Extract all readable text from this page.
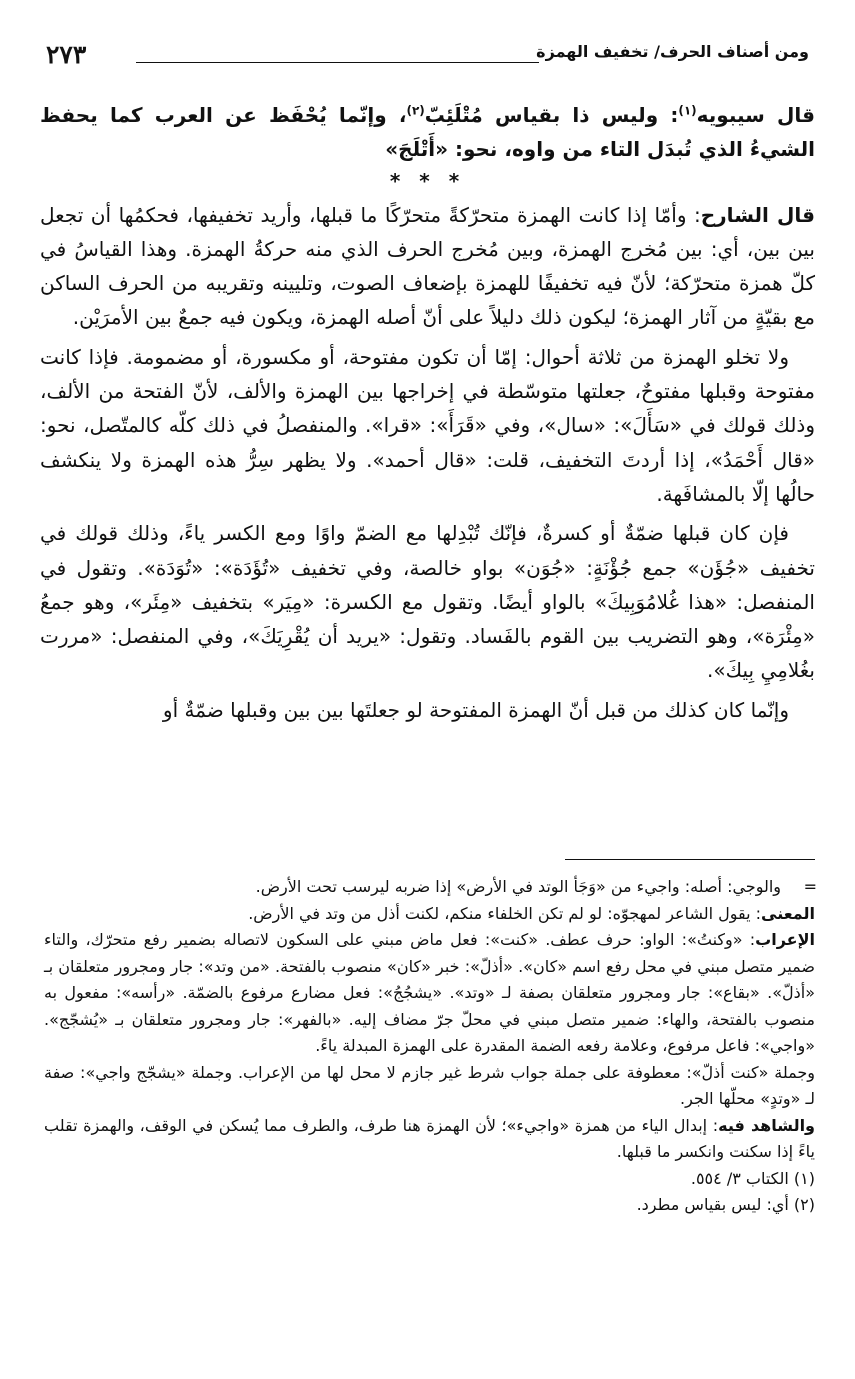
٢٧٣	ومن أصناف الحرف/ تخفيف الهمزة

قال سيبويه$^{(١)}$: وليس ذا بقياس مُتْلَئِبّ$^{(٢)}$، وإنّما يُحْفَظ عن العرب كما يحفظ الشيءُ الذي تُبدَل التاء من واوه، نحو: «أَتْلَجَ»

* * *

قال الشارح: وأمّا إذا كانت الهمزة متحرّكةً متحرّكًا ما قبلها، وأريد تخفيفها، فحكمُها أن تجعل بين بين، أي: بين مُخرج الهمزة، وبين مُخرج الحرف الذي منه حركةُ الهمزة. وهذا القياسُ في كلّ همزة متحرّكة؛ لأنّ فيه تخفيفًا للهمزة بإضعاف الصوت، وتليينه وتقريبه من الحرف الساكن مع بقيّةٍ من آثار الهمزة؛ ليكون ذلك دليلاً على أنّ أصله الهمزة، ويكون فيه جمعٌ بين الأمرَيْن.

ولا تخلو الهمزة من ثلاثة أحوال: إمّا أن تكون مفتوحة، أو مكسورة، أو مضمومة. فإذا كانت مفتوحة وقبلها مفتوحٌ، جعلتها متوسّطة في إخراجها بين الهمزة والألف، لأنّ الفتحة من الألف، وذلك قولك في «سَأَلَ»: «سال»، وفي «قَرَأَ»: «قرا». والمنفصلُ في ذلك كلّه كالمتّصل، نحو: «قال أَحْمَدُ»، إذا أردتَ التخفيف، قلت: «قال أحمد». ولا يظهر سِرُّ هذه الهمزة ولا ينكشف حالُها إلّا بالمشافَهة.

فإن كان قبلها ضمّةٌ أو كسرةٌ، فإنّك تُبْدِلها مع الضمّ واوًا ومع الكسر ياءً، وذلك قولك في تخفيف «جُؤَن» جمع جُؤْنَةٍ: «جُوَن» بواو خالصة، وفي تخفيف «تُؤَدَة»: «تُوَدَة». وتقول في المنفصل: «هذا غُلامُوَبِيكَ» بالواو أيضًا. وتقول مع الكسرة: «مِيَر» بتخفيف «مِئَر»، وهو جمعُ «مِئْرَة»، وهو التضريب بين القوم بالفَساد. وتقول: «يريد أن يُقْرِيَكَ»، وفي المنفصل: «مررت بغُلامِيِ بِيكَ».

وإنّما كان كذلك من قبل أنّ الهمزة المفتوحة لو جعلتَها بين بين وقبلها ضمّةٌ أو

=

والوجي: أصله: واجيء من «وَجَأ الوتد في الأرض» إذا ضربه ليرسب تحت الأرض.

المعنى: يقول الشاعر لمهجوّه: لو لم تكن الخلفاء منكم، لكنت أذل من وتد في الأرض.

الإعراب: «وكنتُ»: الواو: حرف عطف. «كنت»: فعل ماض مبني على السكون لاتصاله بضمير رفع متحرّك، والتاء ضمير متصل مبني في محل رفع اسم «كان». «أذلّ»: خبر «كان» منصوب بالفتحة. «من وتد»: جار ومجرور متعلقان بـ «أذلّ». «بقاع»: جار ومجرور متعلقان بصفة لـ «وتد». «يشجُجُ»: فعل مضارع مرفوع بالضمّة. «رأسه»: مفعول به منصوب بالفتحة، والهاء: ضمير متصل مبني في محلّ جرّ مضاف إليه. «بالفهر»: جار ومجرور متعلقان بـ «يُشجّج». «واجي»: فاعل مرفوع، وعلامة رفعه الضمة المقدرة على الهمزة المبدلة ياءً.

وجملة «كنت أذلّ»: معطوفة على جملة جواب شرط غير جازم لا محل لها من الإعراب. وجملة «يشجّج واجي»: صفة لـ «وتدٍ» محلّها الجر.

والشاهد فيه: إبدال الياء من همزة «واجيء»؛ لأن الهمزة هنا طرف، والطرف مما يُسكن في الوقف، والهمزة تقلب ياءً إذا سكنت وانكسر ما قبلها.

(١) الكتاب ٣/ ٥٥٤.

(٢) أي: ليس بقياس مطرد.
